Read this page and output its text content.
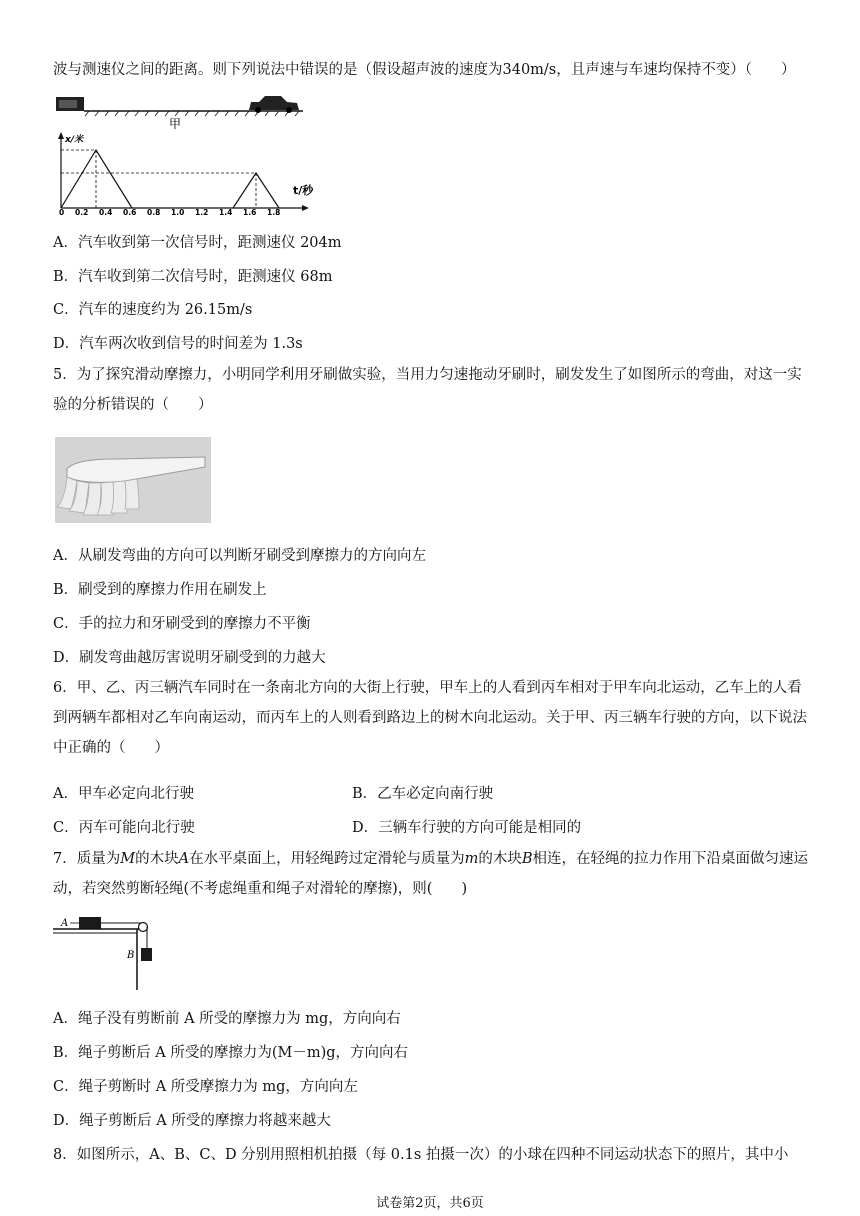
波与测速仪之间的距离。则下列说法中错误的是（假设超声波的速度为340m/s，且声速与车速均保持不变）（　　）
甲
x/米
t/秒
0 0.2 0.4 0.6 0.8 1.0 1.2 1.4 1.6 1.8
A．汽车收到第一次信号时，距测速仪 204m
B．汽车收到第二次信号时，距测速仪 68m
C．汽车的速度约为 26.15m/s
D．汽车两次收到信号的时间差为 1.3s
5．为了探究滑动摩擦力，小明同学利用牙刷做实验，当用力匀速拖动牙刷时，刷发发生了如图所示的弯曲，对这一实验的分析错误的（　　）
A．从刷发弯曲的方向可以判断牙刷受到摩擦力的方向向左
B．刷受到的摩擦力作用在刷发上
C．手的拉力和牙刷受到的摩擦力不平衡
D．刷发弯曲越厉害说明牙刷受到的力越大
6．甲、乙、丙三辆汽车同时在一条南北方向的大街上行驶，甲车上的人看到丙车相对于甲车向北运动，乙车上的人看到两辆车都相对乙车向南运动，而丙车上的人则看到路边上的树木向北运动。关于甲、丙三辆车行驶的方向，以下说法中正确的（　　）
A．甲车必定向北行驶	B．乙车必定向南行驶
C．丙车可能向北行驶	D．三辆车行驶的方向可能是相同的
7．质量为M的木块A在水平桌面上，用轻绳跨过定滑轮与质量为m的木块B相连，在轻绳的拉力作用下沿桌面做匀速运动，若突然剪断轻绳(不考虑绳重和绳子对滑轮的摩擦)，则(　　)
A
B
A．绳子没有剪断前 A 所受的摩擦力为 mg，方向向右
B．绳子剪断后 A 所受的摩擦力为(M－m)g，方向向右
C．绳子剪断时 A 所受摩擦力为 mg，方向向左
D．绳子剪断后 A 所受的摩擦力将越来越大
8．如图所示，A、B、C、D 分别用照相机拍摄（每 0.1s 拍摄一次）的小球在四种不同运动状态下的照片，其中小
试卷第2页，共6页
